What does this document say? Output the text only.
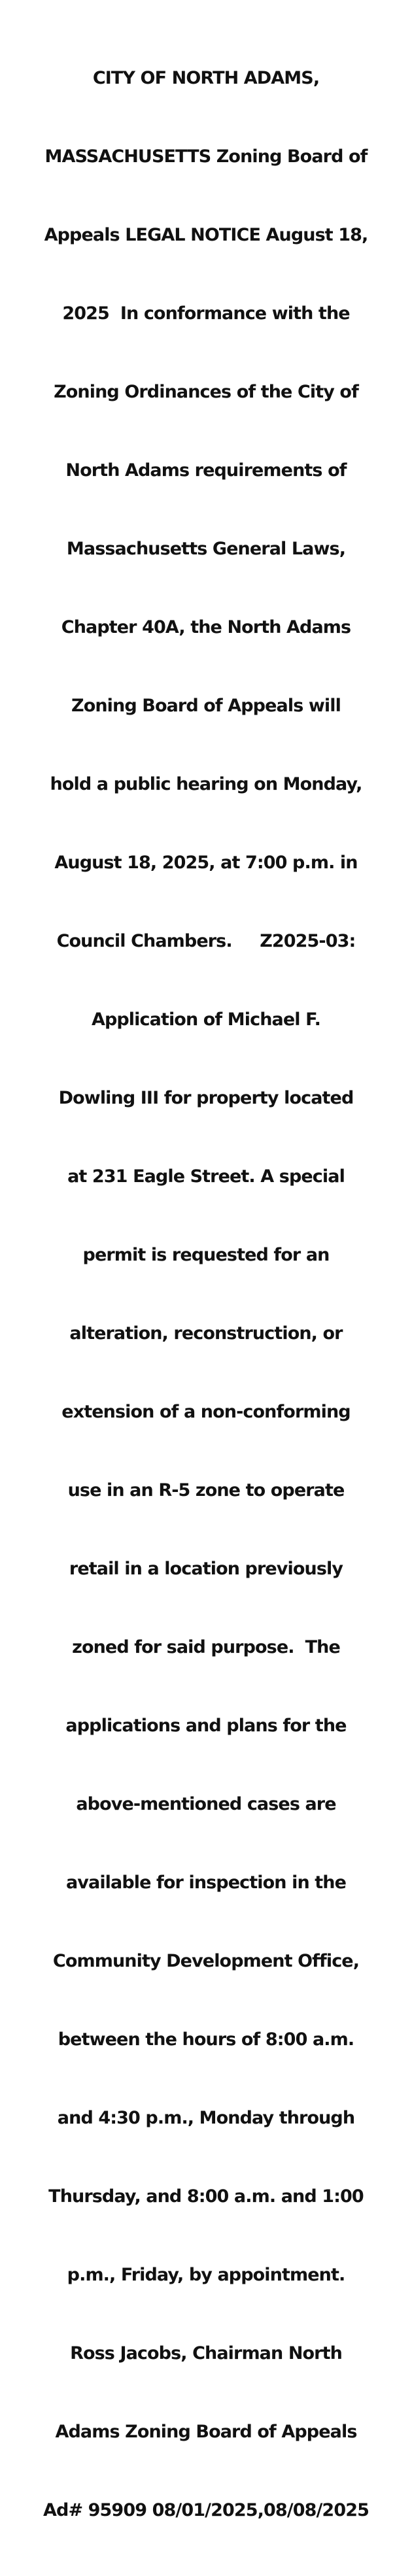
CITY OF NORTH ADAMS,

MASSACHUSETTS Zoning Board of

Appeals LEGAL NOTICE August 18,

2025  In conformance with the

Zoning Ordinances of the City of

North Adams requirements of

Massachusetts General Laws,

Chapter 40A, the North Adams

Zoning Board of Appeals will

hold a public hearing on Monday,

August 18, 2025, at 7:00 p.m. in

Council Chambers.     Z2025-03:

Application of Michael F.

Dowling III for property located

at 231 Eagle Street. A special

permit is requested for an

alteration, reconstruction, or

extension of a non-conforming

use in an R-5 zone to operate

retail in a location previously

zoned for said purpose.  The

applications and plans for the

above-mentioned cases are

available for inspection in the

Community Development Office,

between the hours of 8:00 a.m.

and 4:30 p.m., Monday through

Thursday, and 8:00 a.m. and 1:00

p.m., Friday, by appointment.

Ross Jacobs, Chairman North

Adams Zoning Board of Appeals

Ad# 95909 08/01/2025,08/08/2025
